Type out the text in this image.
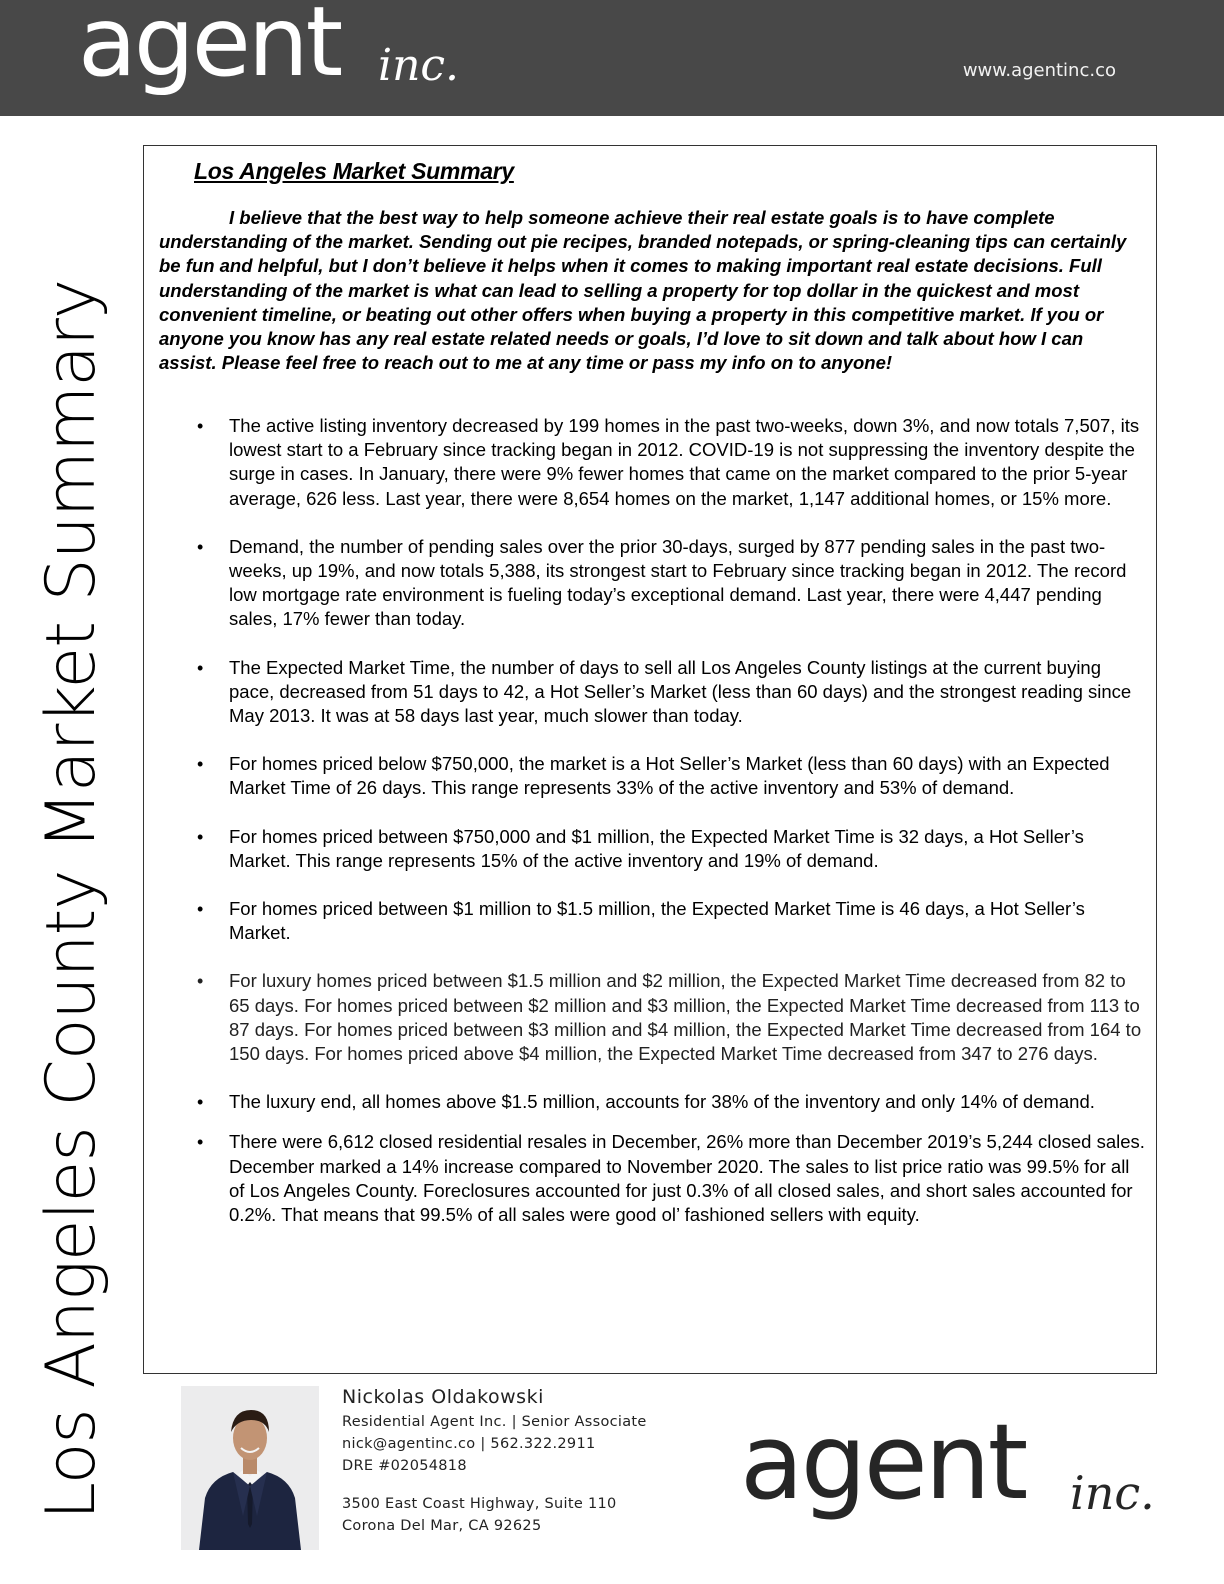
agent inc.	www.agentinc.co
Los Angeles County Market Summary
Los Angeles Market Summary

I believe that the best way to help someone achieve their real estate goals is to have complete understanding of the market. Sending out pie recipes, branded notepads, or spring-cleaning tips can certainly be fun and helpful, but I don’t believe it helps when it comes to making important real estate decisions. Full understanding of the market is what can lead to selling a property for top dollar in the quickest and most convenient timeline, or beating out other offers when buying a property in this competitive market. If you or anyone you know has any real estate related needs or goals, I’d love to sit down and talk about how I can assist. Please feel free to reach out to me at any time or pass my info on to anyone!

• The active listing inventory decreased by 199 homes in the past two-weeks, down 3%, and now totals 7,507, its lowest start to a February since tracking began in 2012. COVID-19 is not suppressing the inventory despite the surge in cases. In January, there were 9% fewer homes that came on the market compared to the prior 5-year average, 626 less. Last year, there were 8,654 homes on the market, 1,147 additional homes, or 15% more.
• Demand, the number of pending sales over the prior 30-days, surged by 877 pending sales in the past two-weeks, up 19%, and now totals 5,388, its strongest start to February since tracking began in 2012. The record low mortgage rate environment is fueling today’s exceptional demand. Last year, there were 4,447 pending sales, 17% fewer than today.
• The Expected Market Time, the number of days to sell all Los Angeles County listings at the current buying pace, decreased from 51 days to 42, a Hot Seller’s Market (less than 60 days) and the strongest reading since May 2013. It was at 58 days last year, much slower than today.
• For homes priced below $750,000, the market is a Hot Seller’s Market (less than 60 days) with an Expected Market Time of 26 days. This range represents 33% of the active inventory and 53% of demand.
• For homes priced between $750,000 and $1 million, the Expected Market Time is 32 days, a Hot Seller’s Market. This range represents 15% of the active inventory and 19% of demand.
• For homes priced between $1 million to $1.5 million, the Expected Market Time is 46 days, a Hot Seller’s Market.
• For luxury homes priced between $1.5 million and $2 million, the Expected Market Time decreased from 82 to 65 days. For homes priced between $2 million and $3 million, the Expected Market Time decreased from 113 to 87 days. For homes priced between $3 million and $4 million, the Expected Market Time decreased from 164 to 150 days. For homes priced above $4 million, the Expected Market Time decreased from 347 to 276 days.
• The luxury end, all homes above $1.5 million, accounts for 38% of the inventory and only 14% of demand.
• There were 6,612 closed residential resales in December, 26% more than December 2019’s 5,244 closed sales. December marked a 14% increase compared to November 2020. The sales to list price ratio was 99.5% for all of Los Angeles County. Foreclosures accounted for just 0.3% of all closed sales, and short sales accounted for 0.2%. That means that 99.5% of all sales were good ol’ fashioned sellers with equity.

Nickolas Oldakowski

Residential Agent Inc. | Senior Associate

nick@agentinc.co | 562.322.2911

DRE #02054818

3500 East Coast Highway, Suite 110

Corona Del Mar, CA 92625

agent inc.
